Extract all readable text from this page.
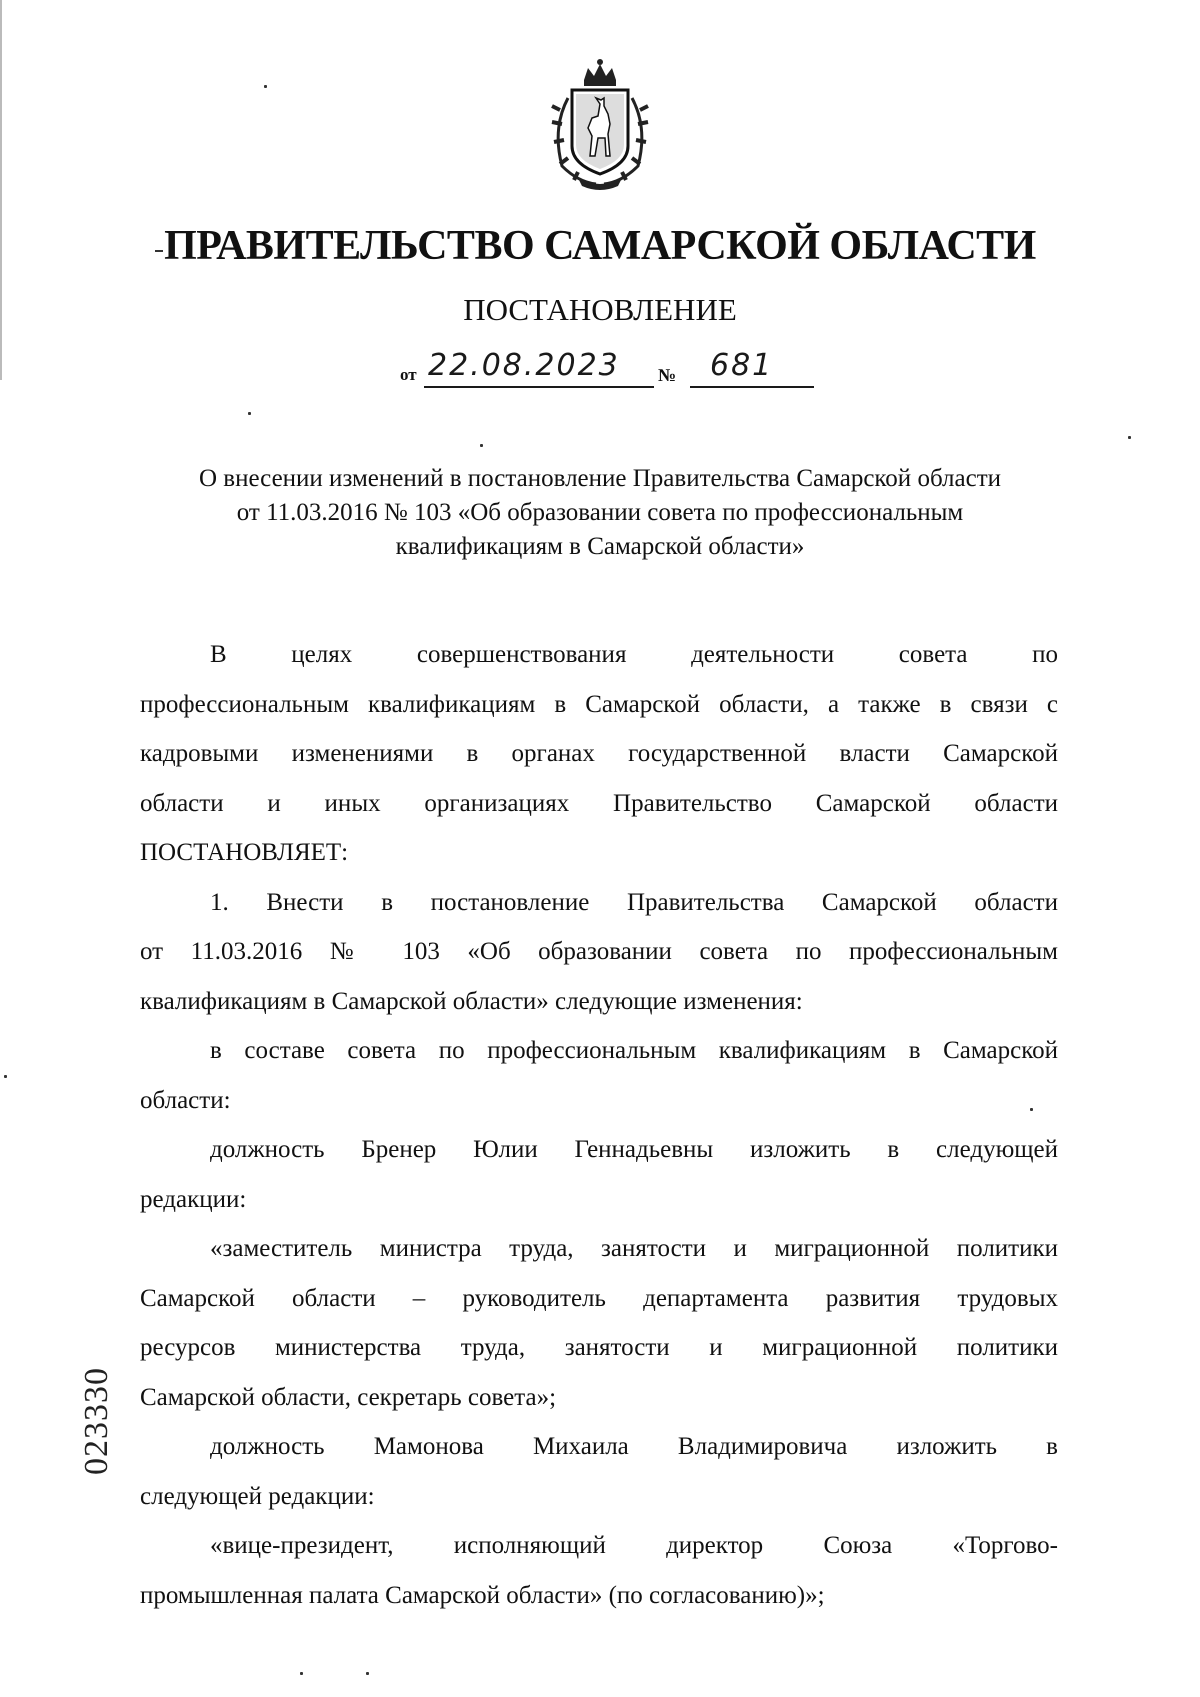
ПРАВИТЕЛЬСТВО САМАРСКОЙ ОБЛАСТИ
ПОСТАНОВЛЕНИЕ
от 22.08.2023 № 681
О внесении изменений в постановление Правительства Самарской области
от 11.03.2016 № 103 «Об образовании совета по профессиональным
квалификациям в Самарской области»

В целях совершенствования деятельности совета по

профессиональным квалификациям в Самарской области, а также в связи с

кадровыми изменениями в органах государственной власти Самарской

области и иных организациях Правительство Самарской области

ПОСТАНОВЛЯЕТ:

1. Внести в постановление Правительства Самарской области

от 11.03.2016 № 103 «Об образовании совета по профессиональным

квалификациям в Самарской области» следующие изменения:

в составе совета по профессиональным квалификациям в Самарской

области:

должность Бренер Юлии Геннадьевны изложить в следующей

редакции:

«заместитель министра труда, занятости и миграционной политики

Самарской области – руководитель департамента развития трудовых

ресурсов министерства труда, занятости и миграционной политики

Самарской области, секретарь совета»;

должность Мамонова Михаила Владимировича изложить в

следующей редакции:

«вице-президент, исполняющий директор Союза «Торгово-

промышленная палата Самарской области» (по согласованию)»;

023330
